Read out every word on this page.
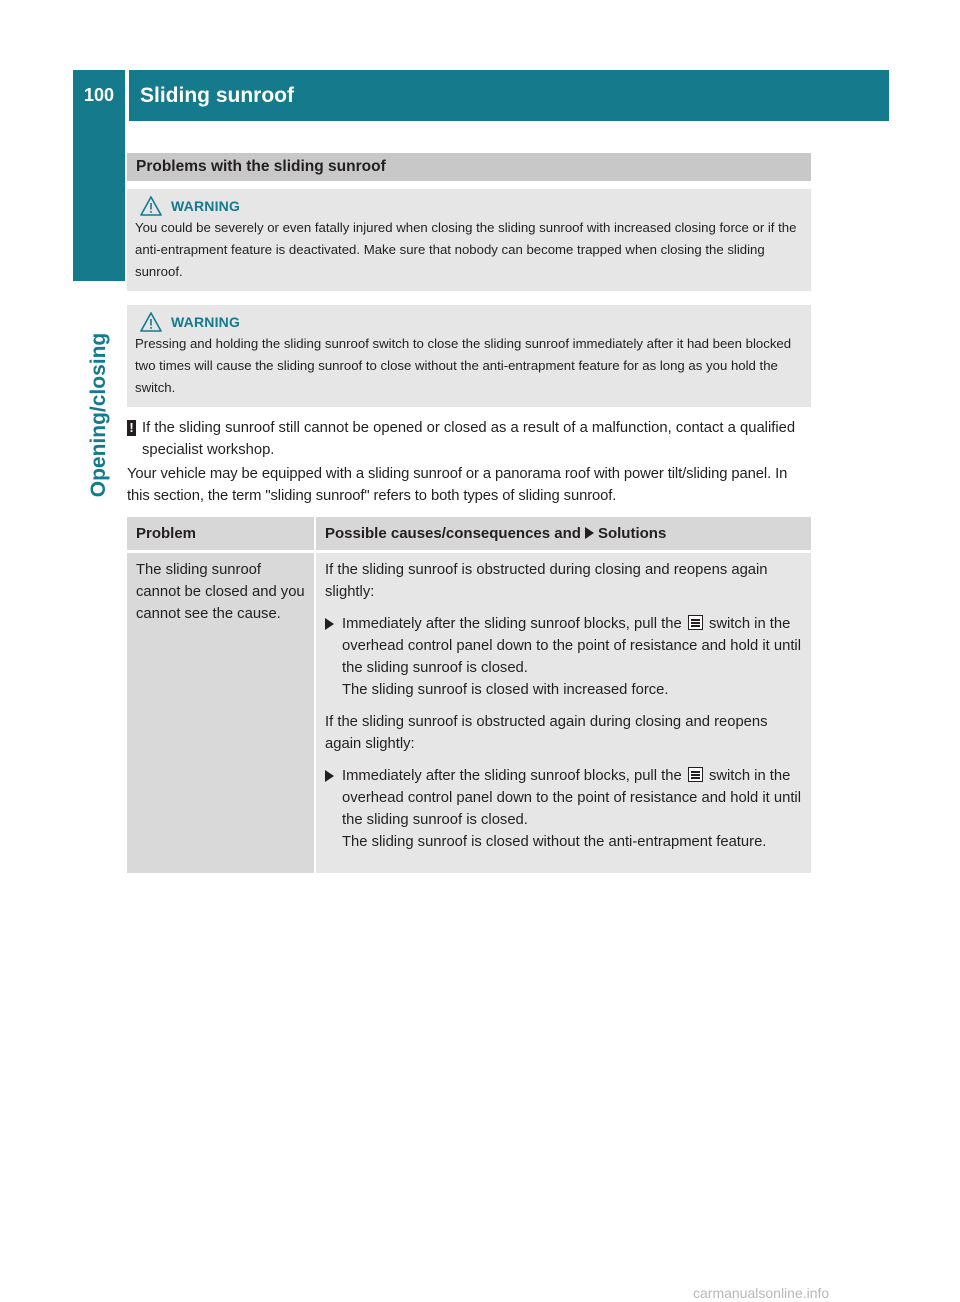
100	Sliding sunroof
Opening/closing
Problems with the sliding sunroof
WARNING
You could be severely or even fatally injured when closing the sliding sunroof with increased closing force or if the anti-entrapment feature is deactivated. Make sure that nobody can become trapped when closing the sliding sunroof.
WARNING
Pressing and holding the sliding sunroof switch to close the sliding sunroof immediately after it had been blocked two times will cause the sliding sunroof to close without the anti-entrapment feature for as long as you hold the switch.
! If the sliding sunroof still cannot be opened or closed as a result of a malfunction, contact a qualified specialist workshop.
Your vehicle may be equipped with a sliding sunroof or a panorama roof with power tilt/sliding panel. In this section, the term "sliding sunroof" refers to both types of sliding sunroof.
Problem	Possible causes/consequences and Solutions
The sliding sunroof cannot be closed and you cannot see the cause.

If the sliding sunroof is obstructed during closing and reopens again slightly:

Immediately after the sliding sunroof blocks, pull the switch in the overhead control panel down to the point of resistance and hold it until the sliding sunroof is closed.
The sliding sunroof is closed with increased force.

If the sliding sunroof is obstructed again during closing and reopens again slightly:

Immediately after the sliding sunroof blocks, pull the switch in the overhead control panel down to the point of resistance and hold it until the sliding sunroof is closed.
The sliding sunroof is closed without the anti-entrapment feature.
carmanualsonline.info
